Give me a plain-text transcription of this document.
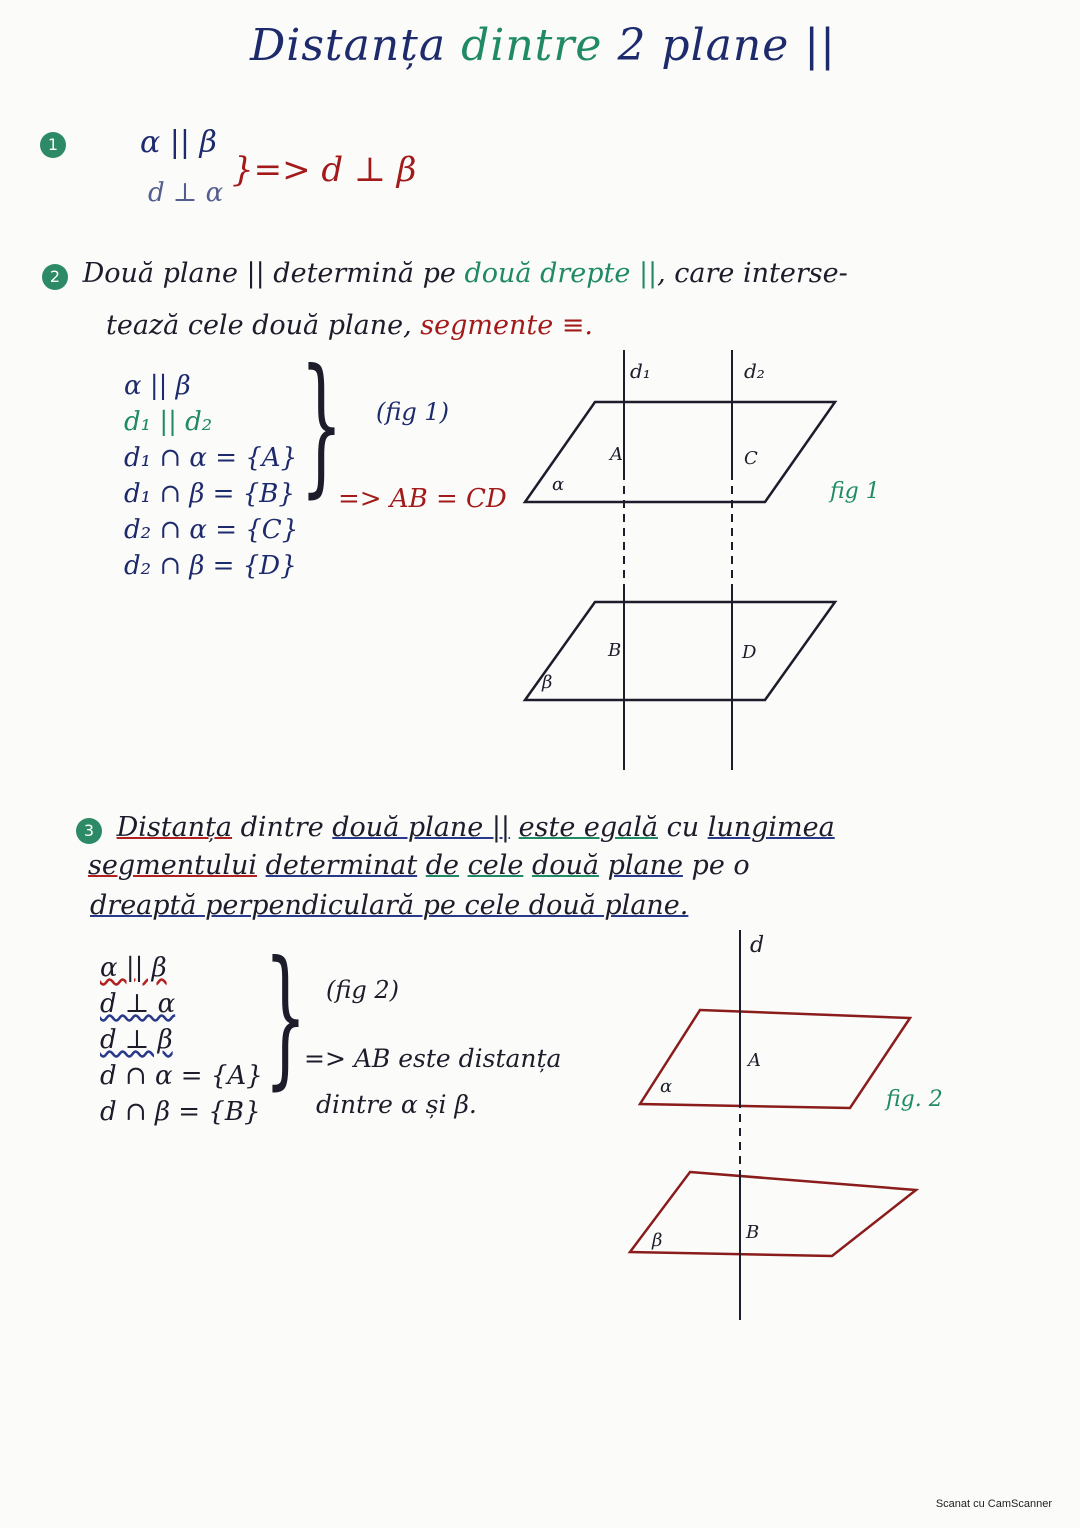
Distanța dintre 2 plane ||
1	α || β
d ⊥ α
}=> d ⊥ β
2 Două plane || determină pe două drepte ||, care interse-
tează cele două plane, segmente ≡.
α || β
d₁ || d₂
d₁ ∩ α = {A}
d₁ ∩ β = {B}
d₂ ∩ α = {C}
d₂ ∩ β = {D}
} (fig 1)
=> AB = CD
d₁	d₂
A	C
B	D
α
β
fig 1
3 Distanța dintre două plane || este egală cu lungimea
segmentului determinat de cele două plane pe o
dreaptă perpendiculară pe cele două plane.
α || β
d ⊥ α
d ⊥ β
d ∩ α = {A}
d ∩ β = {B}
} (fig 2)
=> AB este distanța
dintre α și β.
d
A
B
α
β
fig. 2
Scanat cu CamScanner
